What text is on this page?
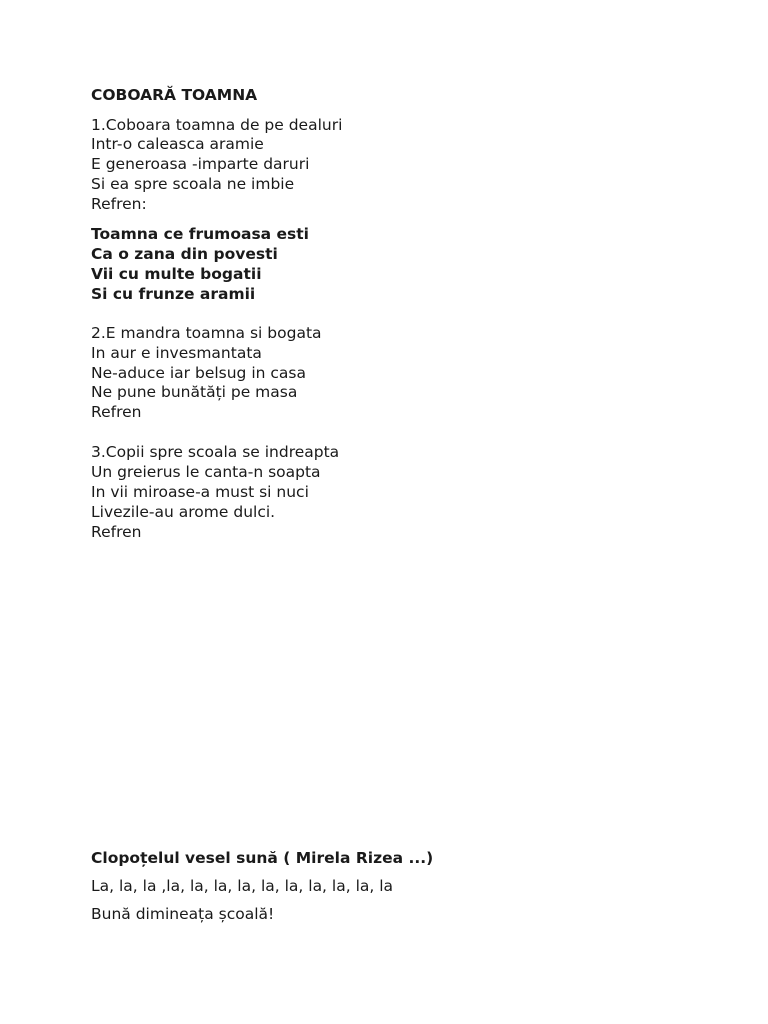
COBOARĂ TOAMNA
1.Coboara toamna de pe dealuri
Intr-o caleasca aramie
E generoasa -imparte daruri
Si ea spre scoala ne imbie
Refren:
Toamna ce frumoasa esti
Ca o zana din povesti
Vii cu multe bogatii
Si cu frunze aramii
2.E mandra toamna si bogata
In aur e invesmantata
Ne-aduce iar belsug in casa
Ne pune bunătăți pe masa
Refren
3.Copii spre scoala se indreapta
Un greierus le canta-n soapta
In vii miroase-a must si nuci
Livezile-au arome dulci.
Refren
Clopoțelul vesel sună ( Mirela Rizea ...)
La, la, la ,la, la, la, la, la, la, la, la, la, la
Bună dimineața școală!
